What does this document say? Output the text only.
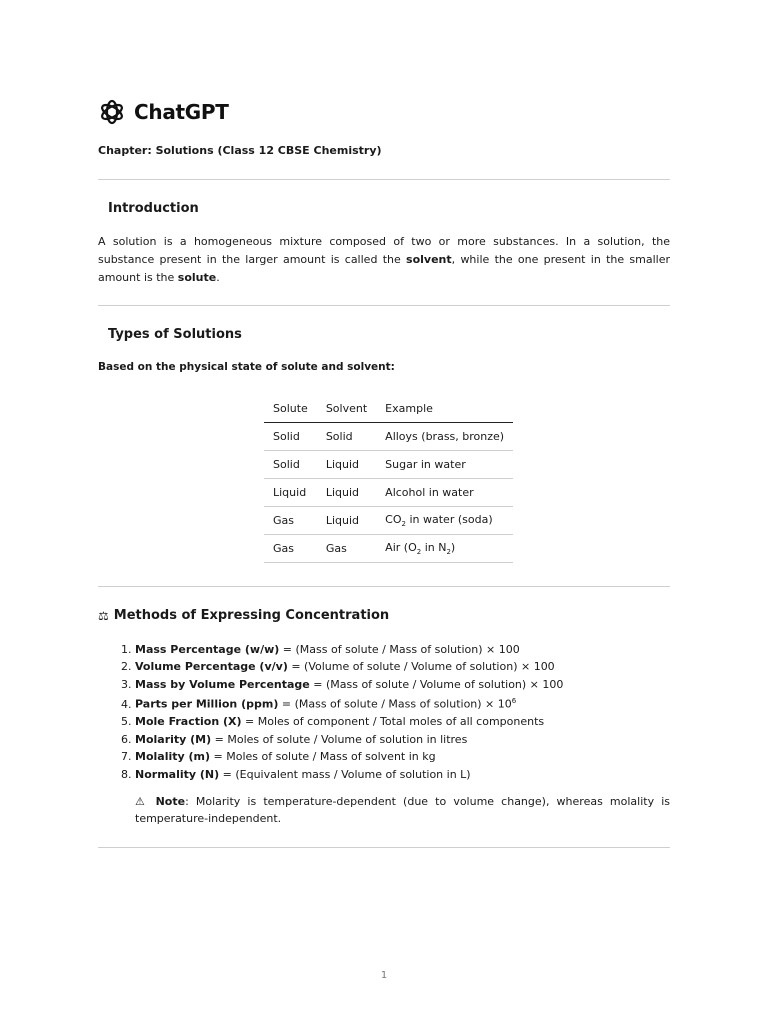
ChatGPT
Chapter: Solutions (Class 12 CBSE Chemistry)
Introduction
A solution is a homogeneous mixture composed of two or more substances. In a solution, the substance present in the larger amount is called the solvent, while the one present in the smaller amount is the solute.
Types of Solutions
Based on the physical state of solute and solvent:
Solute	Solvent	Example
Solid	Solid	Alloys (brass, bronze)
Solid	Liquid	Sugar in water
Liquid	Liquid	Alcohol in water
Gas	Liquid	$CO_2$ in water (soda)
Gas	Gas	Air ($O_2$ in $N_2$)
⚖ Methods of Expressing Concentration
1. Mass Percentage (w/w) = (Mass of solute / Mass of solution) × 100
2. Volume Percentage (v/v) = (Volume of solute / Volume of solution) × 100
3. Mass by Volume Percentage = (Mass of solute / Volume of solution) × 100
4. Parts per Million (ppm) = (Mass of solute / Mass of solution) × $10^6$
5. Mole Fraction (X) = Moles of component / Total moles of all components
6. Molarity (M) = Moles of solute / Volume of solution in litres
7. Molality (m) = Moles of solute / Mass of solvent in kg
8. Normality (N) = (Equivalent mass / Volume of solution in L)
⚠ Note: Molarity is temperature-dependent (due to volume change), whereas molality is temperature-independent.
1
